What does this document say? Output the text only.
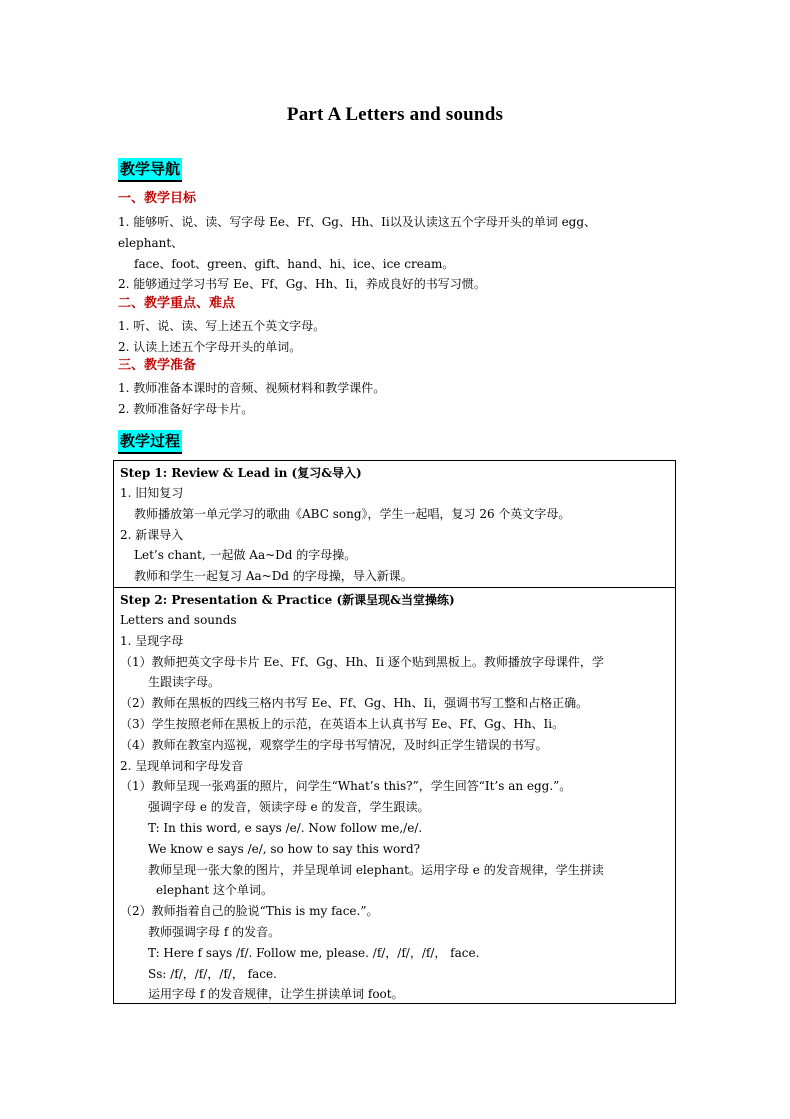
Part A Letters and sounds
教学导航
一、教学目标
1. 能够听、说、读、写字母 Ee、Ff、Gg、Hh、Ii以及认读这五个字母开头的单词 egg、
elephant、
face、foot、green、gift、hand、hi、ice、ice cream。
2. 能够通过学习书写 Ee、Ff、Gg、Hh、Ii，养成良好的书写习惯。
二、教学重点、难点
1. 听、说、读、写上述五个英文字母。
2. 认读上述五个字母开头的单词。
三、教学准备
1. 教师准备本课时的音频、视频材料和教学课件。
2. 教师准备好字母卡片。
教学过程
Step 1: Review & Lead in (复习&导入)
1. 旧知复习
教师播放第一单元学习的歌曲《ABC song》，学生一起唱，复习 26 个英文字母。
2. 新课导入
Let’s chant, 一起做 Aa~Dd 的字母操。
教师和学生一起复习 Aa~Dd 的字母操，导入新课。
Step 2: Presentation & Practice (新课呈现&当堂操练)
Letters and sounds
1. 呈现字母
（1）教师把英文字母卡片 Ee、Ff、Gg、Hh、Ii 逐个贴到黑板上。教师播放字母课件，学
生跟读字母。
（2）教师在黑板的四线三格内书写 Ee、Ff、Gg、Hh、Ii，强调书写工整和占格正确。
（3）学生按照老师在黑板上的示范，在英语本上认真书写 Ee、Ff、Gg、Hh、Ii。
（4）教师在教室内巡视，观察学生的字母书写情况，及时纠正学生错误的书写。
2. 呈现单词和字母发音
（1）教师呈现一张鸡蛋的照片，问学生“What’s this?”，学生回答“It’s an egg.”。
强调字母 e 的发音，领读字母 e 的发音，学生跟读。
T: In this word, e says /e/. Now follow me,/e/.
We know e says /e/, so how to say this word?
教师呈现一张大象的图片，并呈现单词 elephant。运用字母 e 的发音规律，学生拼读
elephant 这个单词。
（2）教师指着自己的脸说“This is my face.”。
教师强调字母 f 的发音。
T: Here f says /f/. Follow me, please. /f/，/f/，/f/， face.
Ss: /f/，/f/，/f/， face.
运用字母 f 的发音规律，让学生拼读单词 foot。
